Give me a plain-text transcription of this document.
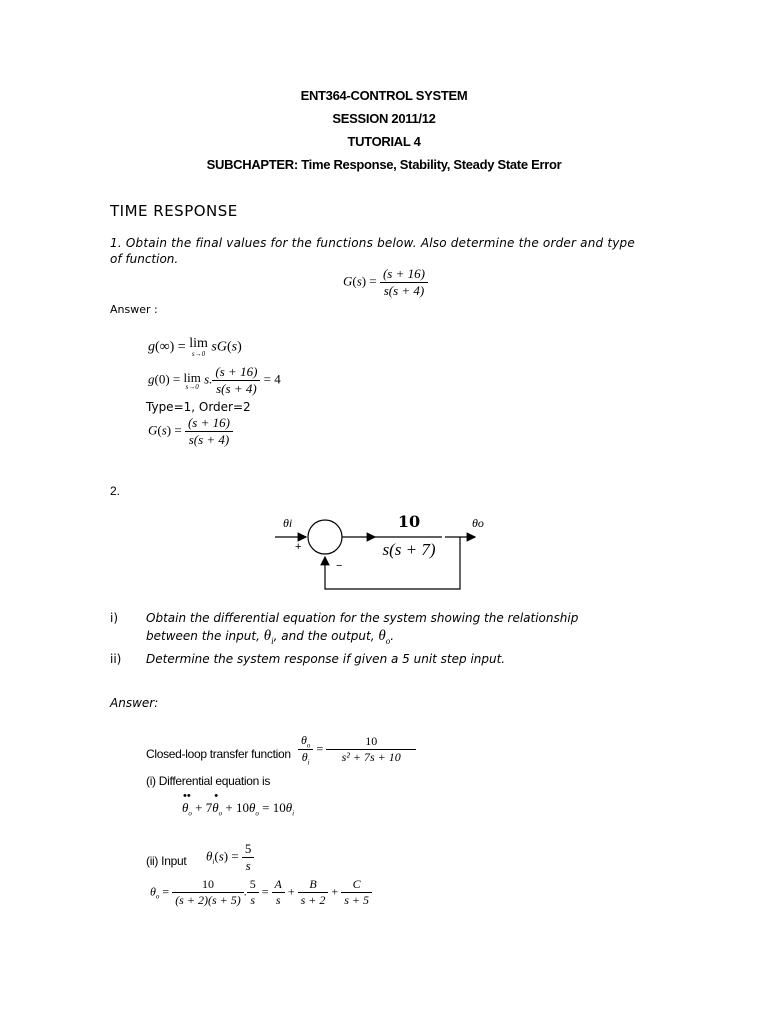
ENT364-CONTROL SYSTEM
SESSION 2011/12
TUTORIAL 4
SUBCHAPTER: Time Response, Stability, Steady State Error
TIME RESPONSE
1. Obtain the final values for the functions below. Also determine the order and type
of function.
$G(s) = \frac{(s + 16)}{s(s + 4)}$
Answer :
g(∞) = lim
s→0 sG(s)
g(0) = lim
s→0
s. $\frac{(s + 16)}{s(s + 4)} = 4$
Type=1, Order=2
$G(s) = \frac{(s + 16)}{s(s + 4)}$
2.
θi	θo
+
−
10
s(s + 7)
i) Obtain the differential equation for the system showing the relationship
between the input, $\theta_i$, and the output, $\theta_o$.
ii) Determine the system response if given a 5 unit step input.
Answer:
Closed-loop transfer function $\frac{\theta_o}{\theta_i} = \frac{10}{\text{s² + 7s + 10}}$
(i) Differential equation is
$\theta_o$
••
+ $7\theta_o$
•
+ $10\theta_o = 10\theta_i$
(ii) Input $\theta_i(s) = \frac{5}{s}$
$\theta_o = \frac{10}{(s + 2)(s + 5)}$ . $\frac{5}{s} = \frac{A}{s} + \frac{B}{s + 2} + \frac{C}{s + 5}$
